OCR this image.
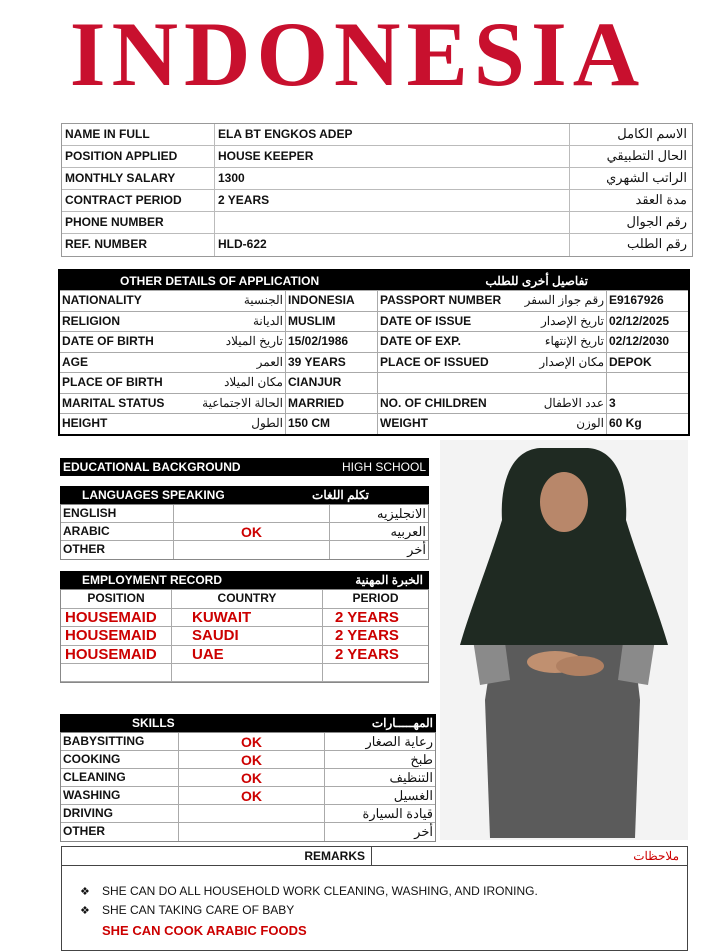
INDONESIA
NAME IN FULL	ELA BT ENGKOS ADEP	الاسم الكامل
POSITION APPLIED	HOUSE KEEPER	الحال التطبيقي
MONTHLY SALARY	1300	الراتب الشهري
CONTRACT PERIOD	2 YEARS	مدة العقد
PHONE NUMBER	رقم الجوال
REF. NUMBER	HLD-622	رقم الطلب
OTHER DETAILS OF APPLICATION	تفاصيل أخرى للطلب
NATIONALITY	الجنسية INDONESIA	PASSPORT NUMBER رقم جواز السفر E9167926
RELIGION	الديانة MUSLIM	DATE OF ISSUE	تاريخ الإصدار 02/12/2025
DATE OF BIRTH	تاريخ الميلاد 15/02/1986	DATE OF EXP.	تاريخ الإنتهاء 02/12/2030
AGE	العمر 39 YEARS	PLACE OF ISSUED	مكان الإصدار DEPOK
PLACE OF BIRTH	مكان الميلاد CIANJUR
MARITAL STATUS	الحالة الاجتماعية MARRIED	NO. OF CHILDREN	عدد الاطفال 3
HEIGHT	الطول 150 CM	WEIGHT	الوزن 60 Kg
EDUCATIONAL BACKGROUND	HIGH SCHOOL
LANGUAGES SPEAKING	تكلم اللغات
ENGLISH	الانجليزيه
ARABIC	OK	العربيه
OTHER	أخر
EMPLOYMENT RECORD	الخبرة المهنية
POSITION	COUNTRY	PERIOD
HOUSEMAID	KUWAIT	2 YEARS
HOUSEMAID	SAUDI	2 YEARS
HOUSEMAID	UAE	2 YEARS
SKILLS	المهـــــارات
BABYSITTING	OK	رعاية الصغار
COOKING	OK	طبخ
CLEANING	OK	التنظيف
WASHING	OK	الغسيل
DRIVING	قيادة السيارة
OTHER	أخر
REMARKS	ملاحظات
❖ SHE CAN DO ALL HOUSEHOLD WORK CLEANING, WASHING, AND IRONING.
❖ SHE CAN TAKING CARE OF BABY
SHE CAN COOK ARABIC FOODS
